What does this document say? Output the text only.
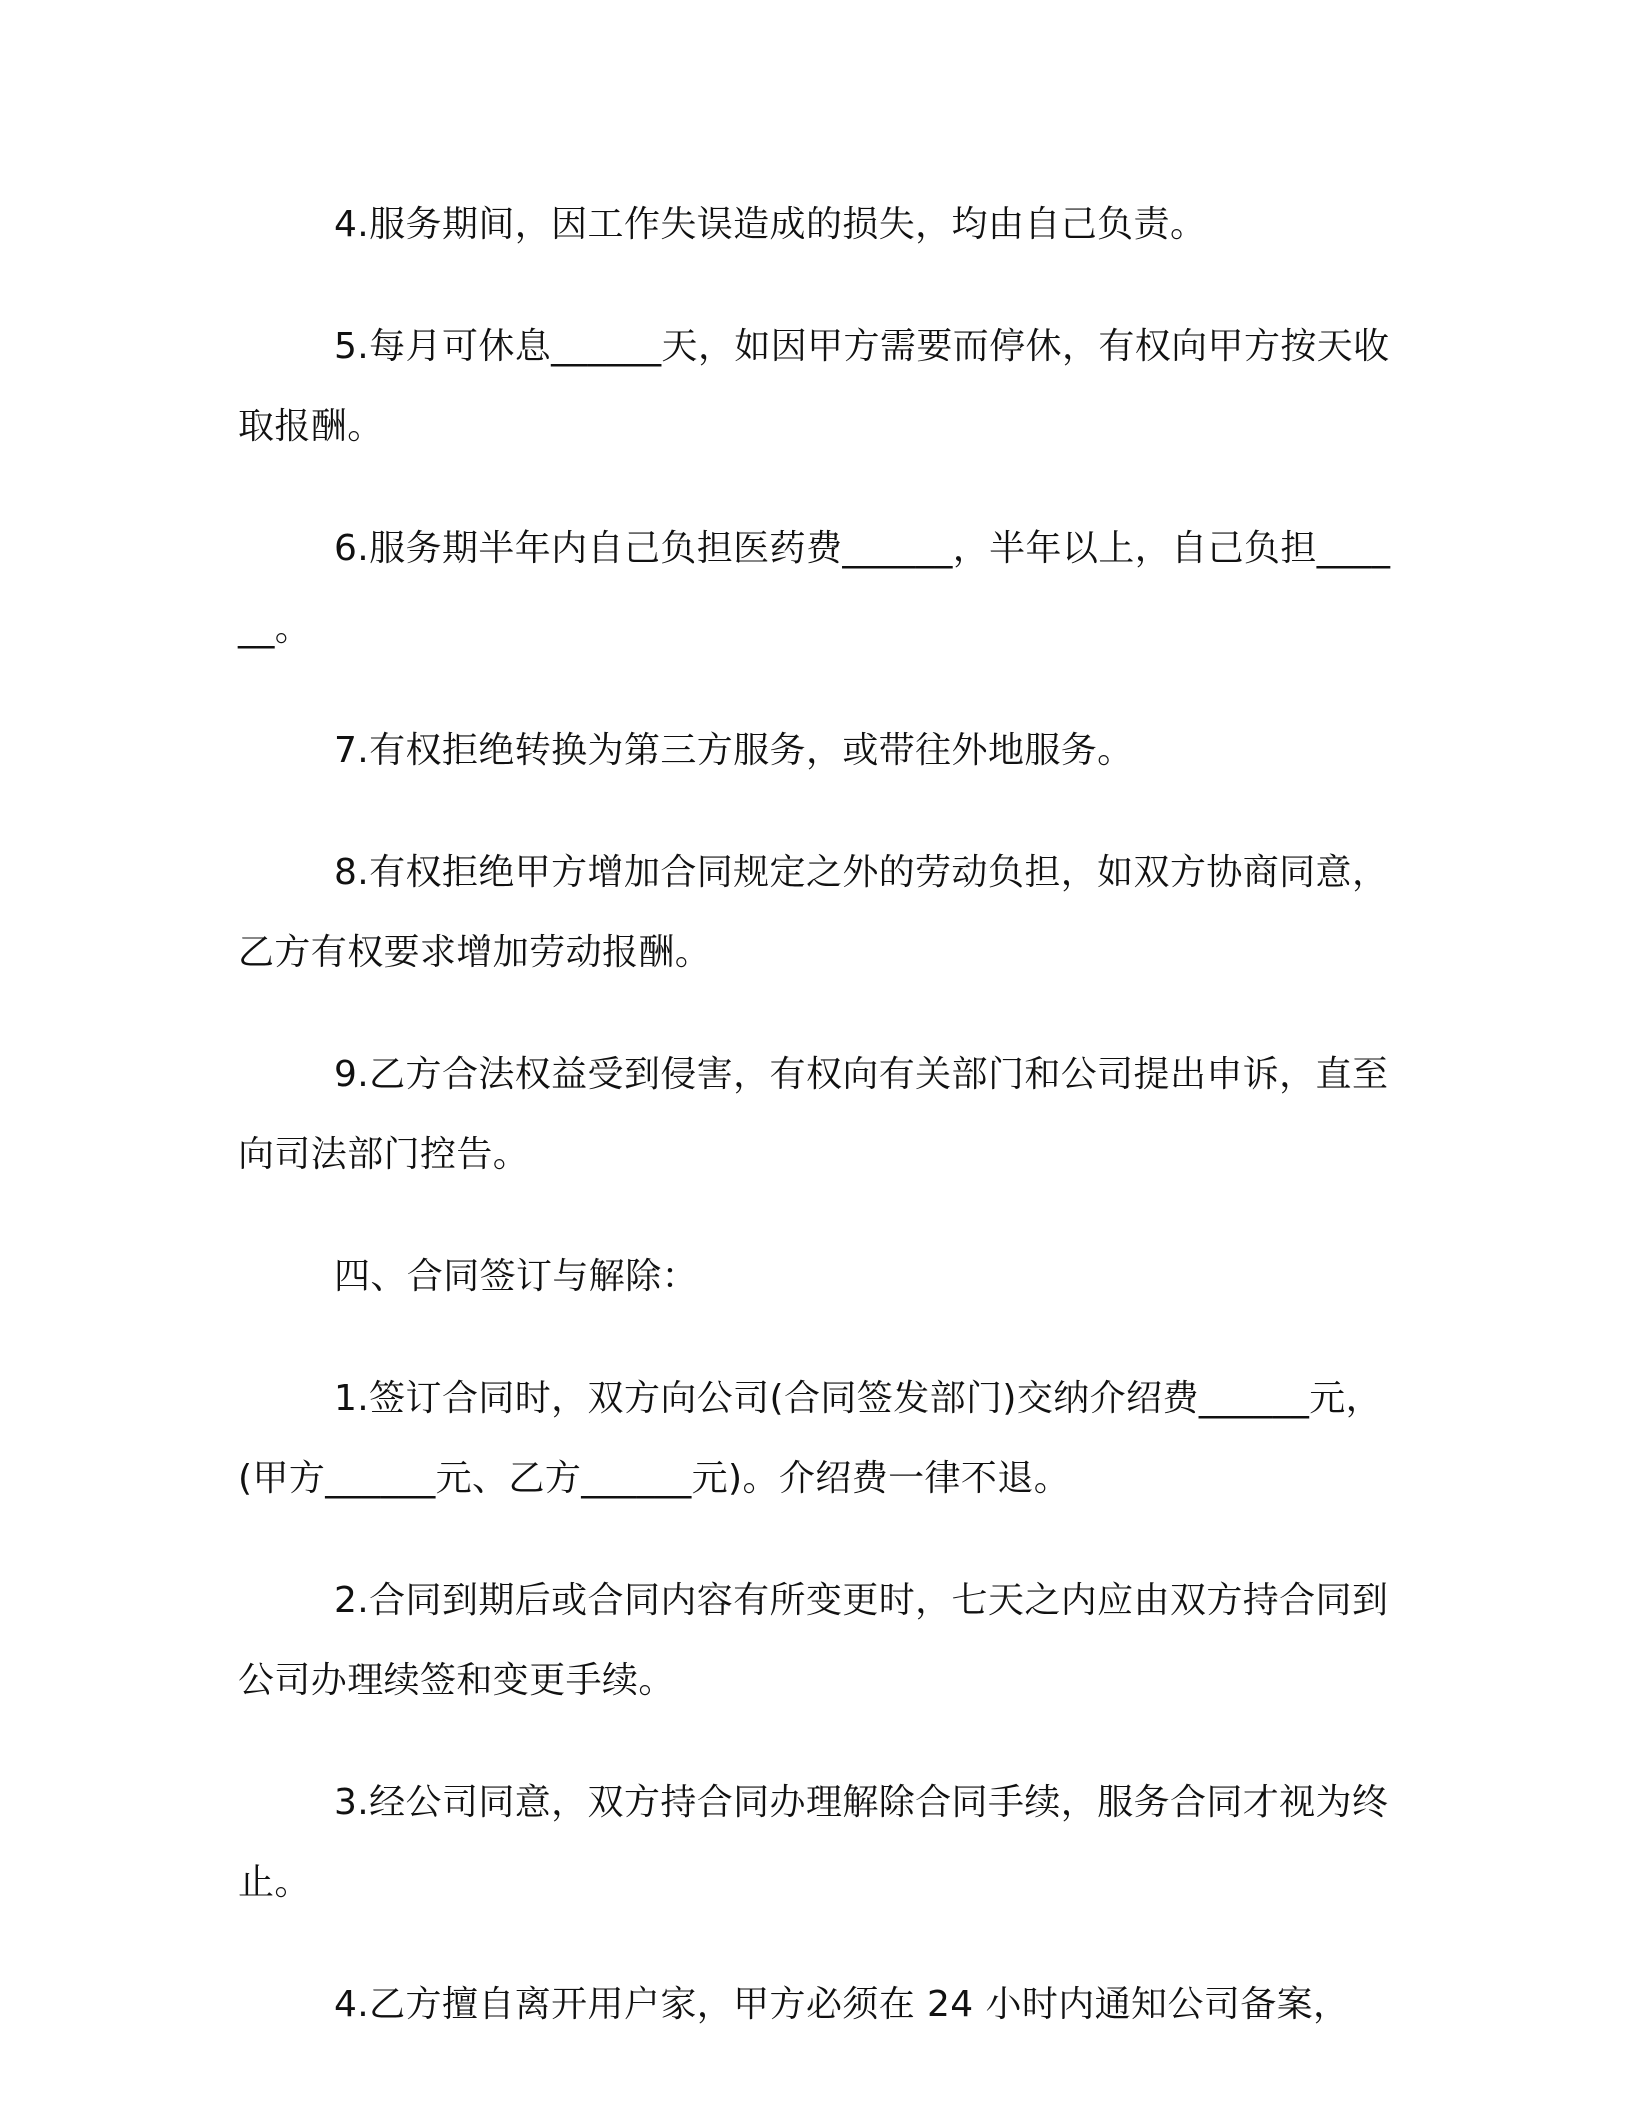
4.服务期间，因工作失误造成的损失，均由自己负责。

5.每月可休息______天，如因甲方需要而停休，有权向甲方按天收取报酬。

6.服务期半年内自己负担医药费______，半年以上，自己负担______。

7.有权拒绝转换为第三方服务，或带往外地服务。

8.有权拒绝甲方增加合同规定之外的劳动负担，如双方协商同意，乙方有权要求增加劳动报酬。

9.乙方合法权益受到侵害，有权向有关部门和公司提出申诉，直至向司法部门控告。

四、合同签订与解除：

1.签订合同时，双方向公司(合同签发部门)交纳介绍费______元，(甲方______元、乙方______元)。介绍费一律不退。

2.合同到期后或合同内容有所变更时，七天之内应由双方持合同到公司办理续签和变更手续。

3.经公司同意，双方持合同办理解除合同手续，服务合同才视为终止。

4.乙方擅自离开用户家，甲方必须在 24 小时内通知公司备案，
